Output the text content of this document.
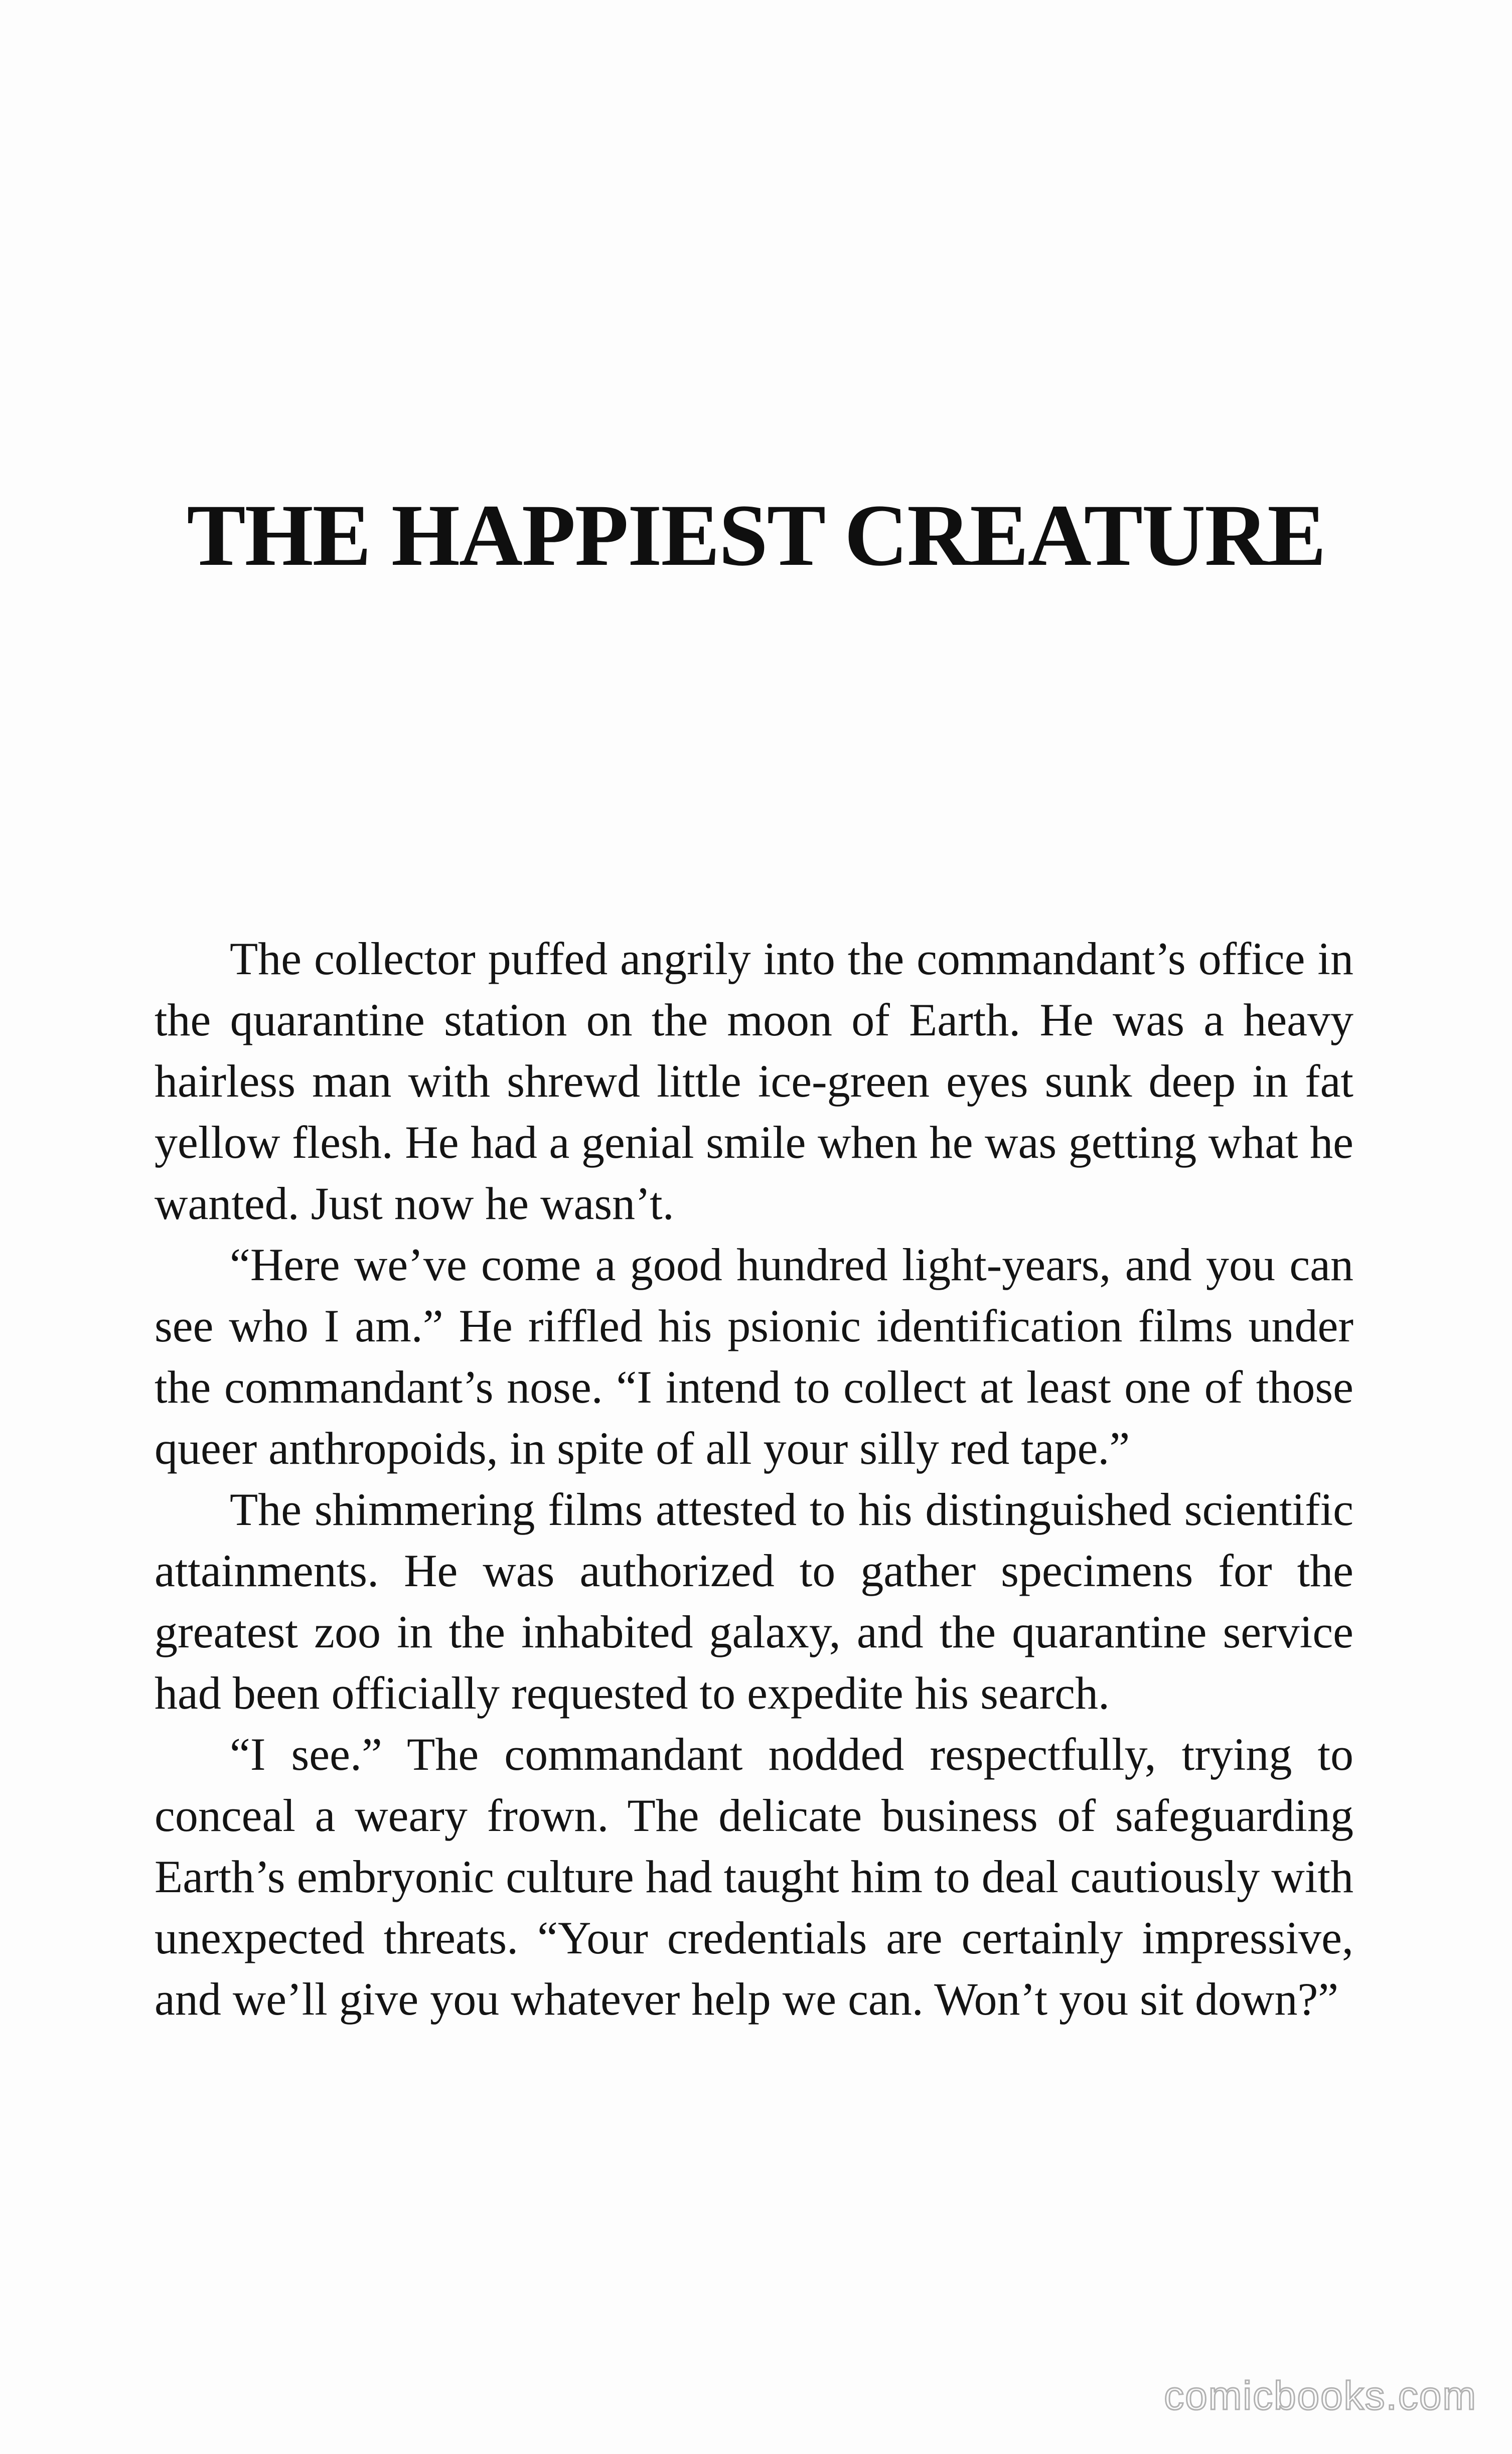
THE HAPPIEST CREATURE

The collector puffed angrily into the commandant’s office in the quarantine station on the moon of Earth. He was a heavy hairless man with shrewd little ice-green eyes sunk deep in fat yellow flesh. He had a genial smile when he was getting what he wanted. Just now he wasn’t.

“Here we’ve come a good hundred light-years, and you can see who I am.” He riffled his psionic identification films under the commandant’s nose. “I intend to collect at least one of those queer anthropoids, in spite of all your silly red tape.”

The shimmering films attested to his distinguished scientific attainments. He was authorized to gather specimens for the greatest zoo in the inhabited galaxy, and the quarantine service had been officially requested to expedite his search.

“I see.” The commandant nodded respectfully, trying to conceal a weary frown. The delicate business of safeguarding Earth’s embryonic culture had taught him to deal cautiously with unexpected threats. “Your credentials are certainly impressive, and we’ll give you whatever help we can. Won’t you sit down?”

comicbooks.com
